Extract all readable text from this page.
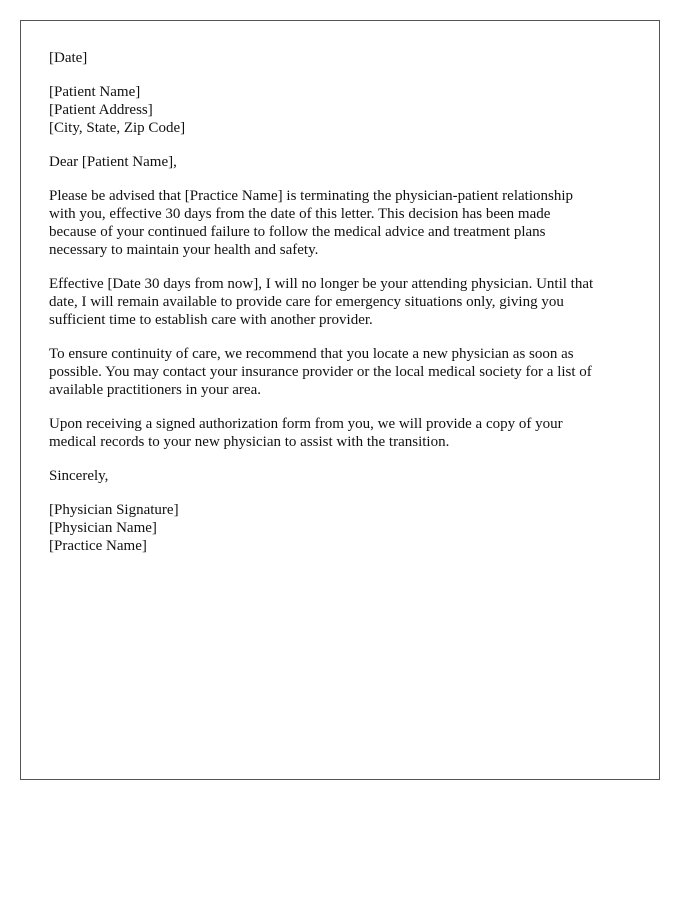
[Date]
[Patient Name]
[Patient Address]
[City, State, Zip Code]
Dear [Patient Name],
Please be advised that [Practice Name] is terminating the physician-patient relationship
with you, effective 30 days from the date of this letter. This decision has been made
because of your continued failure to follow the medical advice and treatment plans
necessary to maintain your health and safety.
Effective [Date 30 days from now], I will no longer be your attending physician. Until that
date, I will remain available to provide care for emergency situations only, giving you
sufficient time to establish care with another provider.
To ensure continuity of care, we recommend that you locate a new physician as soon as
possible. You may contact your insurance provider or the local medical society for a list of
available practitioners in your area.
Upon receiving a signed authorization form from you, we will provide a copy of your
medical records to your new physician to assist with the transition.
Sincerely,
[Physician Signature]
[Physician Name]
[Practice Name]
